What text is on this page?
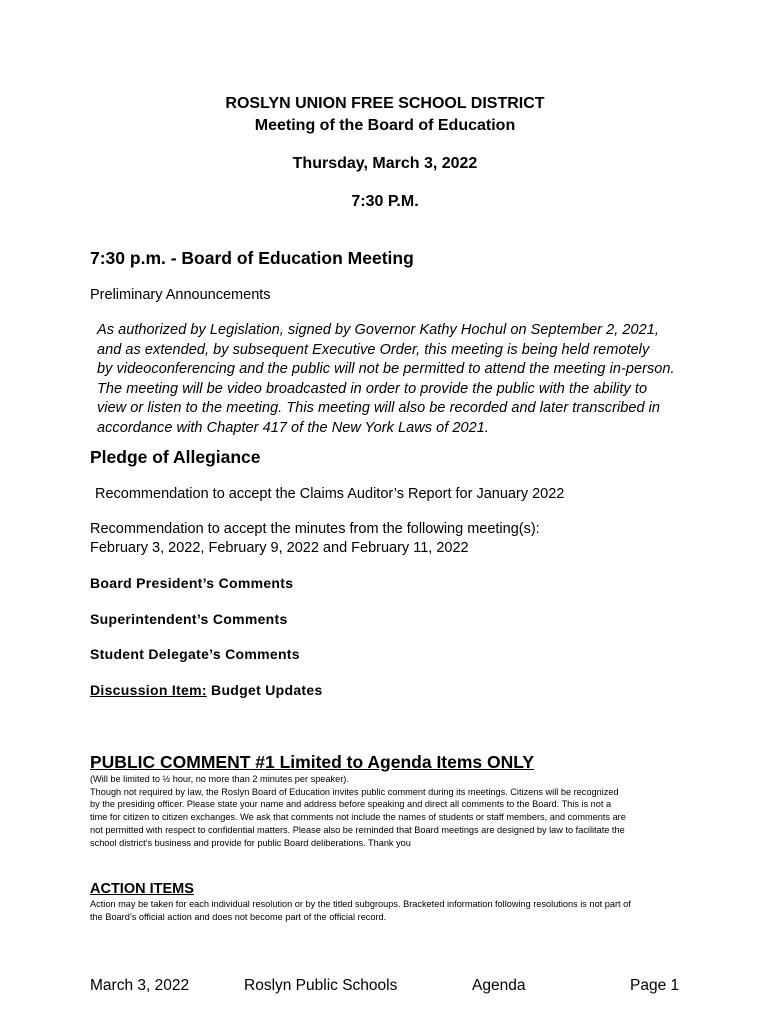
ROSLYN UNION FREE SCHOOL DISTRICT
Meeting of the Board of Education
Thursday, March 3, 2022
7:30 P.M.
7:30 p.m. - Board of Education Meeting
Preliminary Announcements
As authorized by Legislation, signed by Governor Kathy Hochul on September 2, 2021,
and as extended, by subsequent Executive Order, this meeting is being held remotely
by videoconferencing and the public will not be permitted to attend the meeting in-person.
The meeting will be video broadcasted in order to provide the public with the ability to
view or listen to the meeting. This meeting will also be recorded and later transcribed in
accordance with Chapter 417 of the New York Laws of 2021.
Pledge of Allegiance
Recommendation to accept the Claims Auditor’s Report for January 2022
Recommendation to accept the minutes from the following meeting(s):
February 3, 2022, February 9, 2022 and February 11, 2022
Board President’s Comments
Superintendent’s Comments
Student Delegate’s Comments
Discussion Item: Budget Updates
PUBLIC COMMENT #1 Limited to Agenda Items ONLY
(Will be limited to ½ hour, no more than 2 minutes per speaker).
Though not required by law, the Roslyn Board of Education invites public comment during its meetings. Citizens will be recognized
by the presiding officer. Please state your name and address before speaking and direct all comments to the Board. This is not a
time for citizen to citizen exchanges. We ask that comments not include the names of students or staff members, and comments are
not permitted with respect to confidential matters. Please also be reminded that Board meetings are designed by law to facilitate the
school district’s business and provide for public Board deliberations. Thank you
ACTION ITEMS
Action may be taken for each individual resolution or by the titled subgroups. Bracketed information following resolutions is not part of
the Board’s official action and does not become part of the official record.
March 3, 2022	Roslyn Public Schools	Agenda	Page 1
